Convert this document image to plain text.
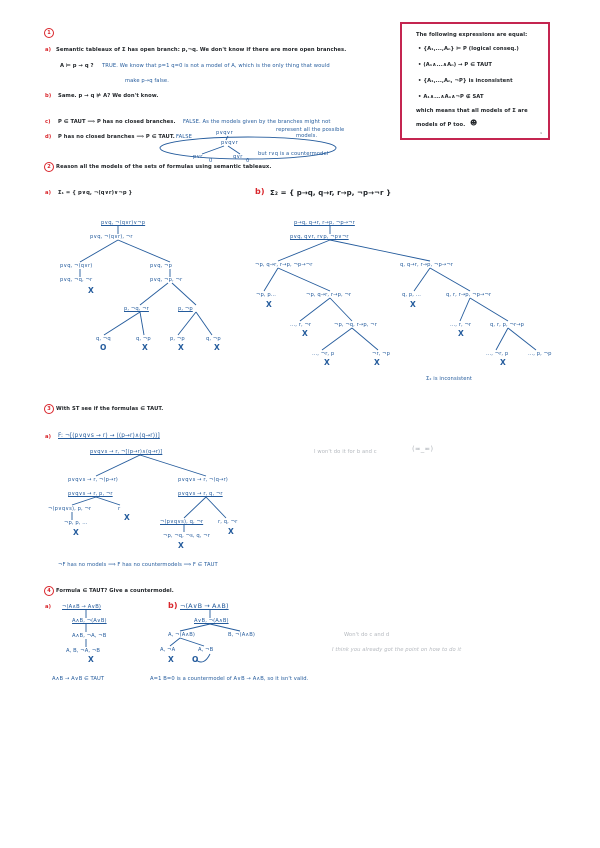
The following expressions are equal:
• {A₁,...,Aₙ} ⊨ P (logical conseq.)
• (A₁∧...∧Aₙ) → P ∈ TAUT
• {A₁,...,Aₙ, ¬P} is inconsistent
• A₁∧...∧Aₙ∧¬P ∉ SAT
which means that all models of Σ are
models of P too. ☻
1
1
a) Semantic tableaux of Σ has open branch: p,¬q. We don't know if there are more open branches.
A ⊨ p → q ? TRUE. We know that p=1 q=0 is not a model of A, which is the only thing that would
make p→q false.
b) Same. p → q ⊭ A? We don't know.
c) P ∈ TAUT ⟹ P has no closed branches. FALSE. As the models given by the branches might not
represent all the possible
models.
d) P has no closed branches ⟹ P ∈ TAUT. FALSE
p∨q∨r
p∨q∨r
p∨r
0
q∨r
0
but r∨q is a countermodel
2	Reason all the models of the sets of formulas using semantic tableaux.
a) Σ₁ = { p∨q, ¬(q∨r)∨¬p }
p∨q, ¬(q∨r)∨¬p
p∨q, ¬(q∨r), ¬r
p∨q, ¬(q∨r)
p∨q, ¬q, ¬r
p∨q, ¬p
p∨q, ¬p, ¬r
p, ¬q, ¬r	p, ¬p
q, ¬q	q, ¬p	p, ¬p	q, ¬p
X
O	X	X	X
b) Σ₂ = { p→q, q→r, r→p, ¬p→¬r }
p→q, q→r, r→p, ¬p→¬r
p∨q, q∨r, r∨p, ¬p∨¬r
¬p, q→r, r→p, ¬p→¬r	q, q→r, r→p, ¬p→¬r
¬p, p...	¬p, q→r, r→p, ¬r	q, p, ...	q, r, r→p, ¬p→¬r
..., r, ¬r	¬p, ¬q, r→p, ¬r	..., r, ¬r	q, r, p, ¬r→p
..., ¬r, p	¬r, ¬p	..., ¬r, p	..., p, ¬p
X	X
X	X
X	X	X
Σ₂ is inconsistent
3	With ST see if the formulas ∈ TAUT.
a) F: ¬[(p∨q∨s → r) → ((p→r)∧(q→r))]
p∨q∨s → r, ¬[(p→r)∧(q→r)]
p∨q∨s → r, ¬(p→r)	p∨q∨s → r, ¬(q→r)
p∨q∨s → r, p, ¬r	p∨q∨s → r, q, ¬r
¬(p∨q∨s), p, ¬r	r
¬(p∨q∨s), q, ¬r	r, q, ¬r
¬p, p, ...
¬p, ¬q, ¬s, q, ¬r
X
X
X
X
¬F has no models ⟹ F has no countermodels ⟹ F ∈ TAUT
I won't do it for b and c	(≖_≖)
4	Formula ∈ TAUT? Give a countermodel.
a) ¬(A∧B → A∨B)
A∧B, ¬(A∨B)
A∧B, ¬A, ¬B
A, B, ¬A, ¬B
X
A∧B → A∨B ∈ TAUT
b) ¬(A∨B → A∧B)
A∨B, ¬(A∧B)
A, ¬(A∧B)	B, ¬(A∧B)
A, ¬A	A, ¬B
X O
A=1 B=0 is a countermodel of A∨B → A∧B, so it isn't valid.
Won't do c and d
I think you already got the point on how to do it
